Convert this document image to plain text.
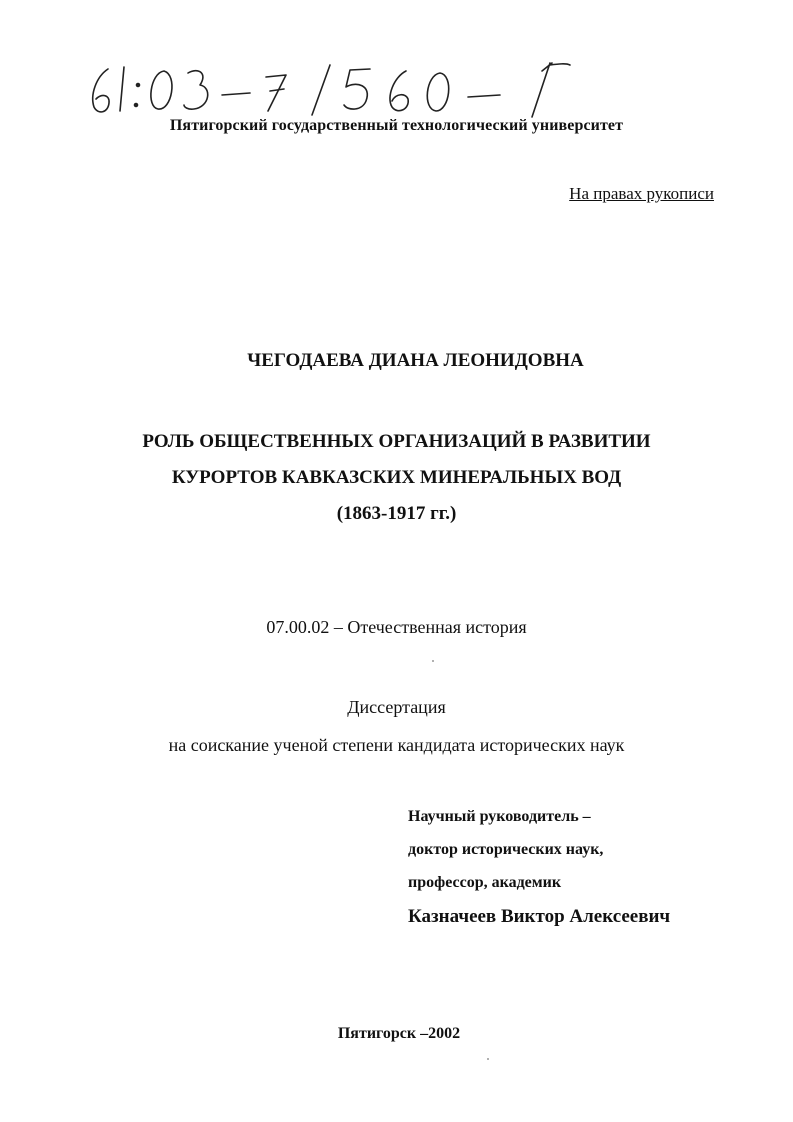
Пятигорский государственный технологический университет
На правах рукописи
ЧЕГОДАЕВА ДИАНА ЛЕОНИДОВНА
РОЛЬ ОБЩЕСТВЕННЫХ ОРГАНИЗАЦИЙ В РАЗВИТИИ
КУРОРТОВ КАВКАЗСКИХ МИНЕРАЛЬНЫХ ВОД
(1863-1917 гг.)
07.00.02 – Отечественная история
Диссертация
на соискание ученой степени кандидата исторических наук
Научный руководитель –
доктор исторических наук,
профессор, академик
Казначеев Виктор Алексеевич
Пятигорск –2002
